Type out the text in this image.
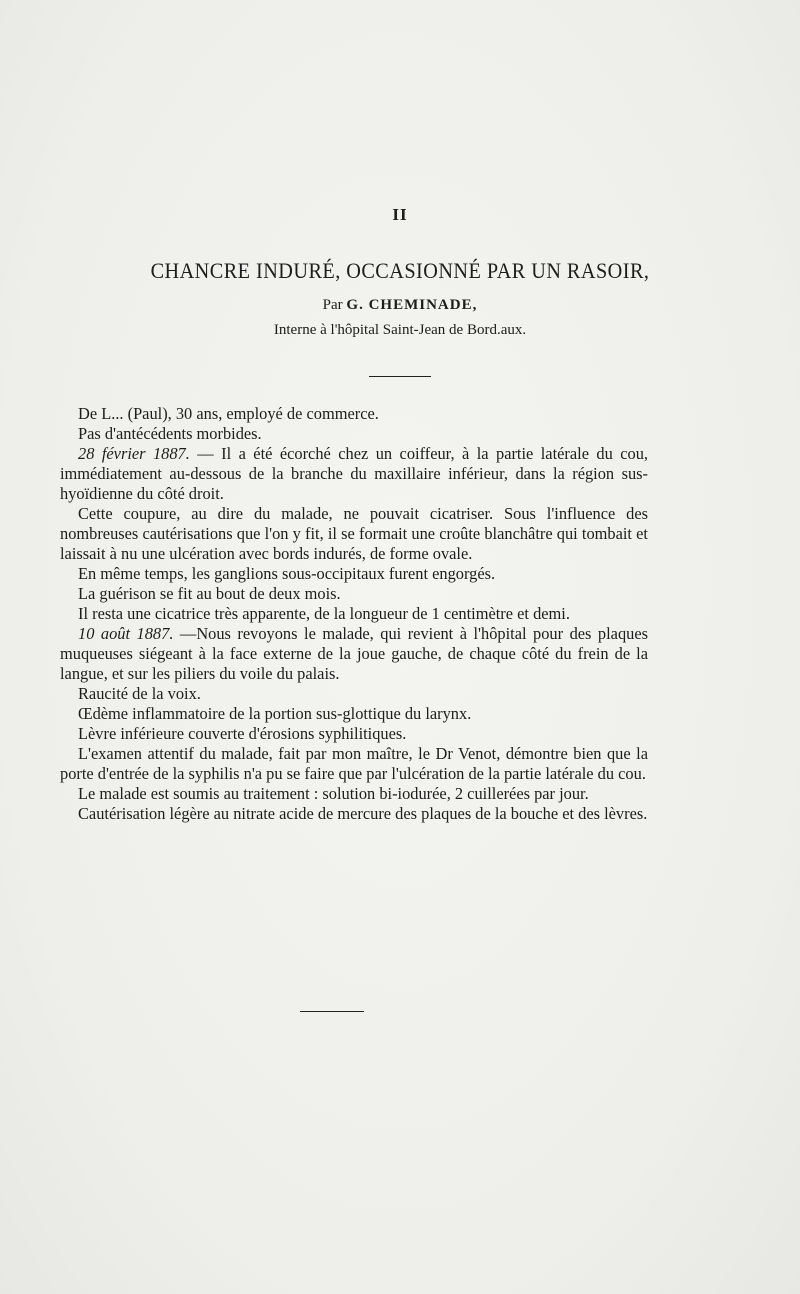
II
CHANCRE INDURÉ, OCCASIONNÉ PAR UN RASOIR,
Par G. CHEMINADE,
Interne à l'hôpital Saint-Jean de Bord.aux.

De L... (Paul), 30 ans, employé de commerce.

Pas d'antécédents morbides.

28 février 1887. — Il a été écorché chez un coiffeur, à la partie latérale du cou, immédiatement au-dessous de la branche du maxillaire inférieur, dans la région sus-hyoïdienne du côté droit.

Cette coupure, au dire du malade, ne pouvait cicatriser. Sous l'influence des nombreuses cautérisations que l'on y fit, il se formait une croûte blanchâtre qui tombait et laissait à nu une ulcération avec bords indurés, de forme ovale.

En même temps, les ganglions sous-occipitaux furent engorgés.

La guérison se fit au bout de deux mois.

Il resta une cicatrice très apparente, de la longueur de 1 centimètre et demi.

10 août 1887. —Nous revoyons le malade, qui revient à l'hôpital pour des plaques muqueuses siégeant à la face externe de la joue gauche, de chaque côté du frein de la langue, et sur les piliers du voile du palais.

Raucité de la voix.

Œdème inflammatoire de la portion sus-glottique du larynx.

Lèvre inférieure couverte d'érosions syphilitiques.

L'examen attentif du malade, fait par mon maître, le Dr Venot, démontre bien que la porte d'entrée de la syphilis n'a pu se faire que par l'ulcération de la partie latérale du cou.

Le malade est soumis au traitement : solution bi-iodurée, 2 cuillerées par jour.

Cautérisation légère au nitrate acide de mercure des plaques de la bouche et des lèvres.
